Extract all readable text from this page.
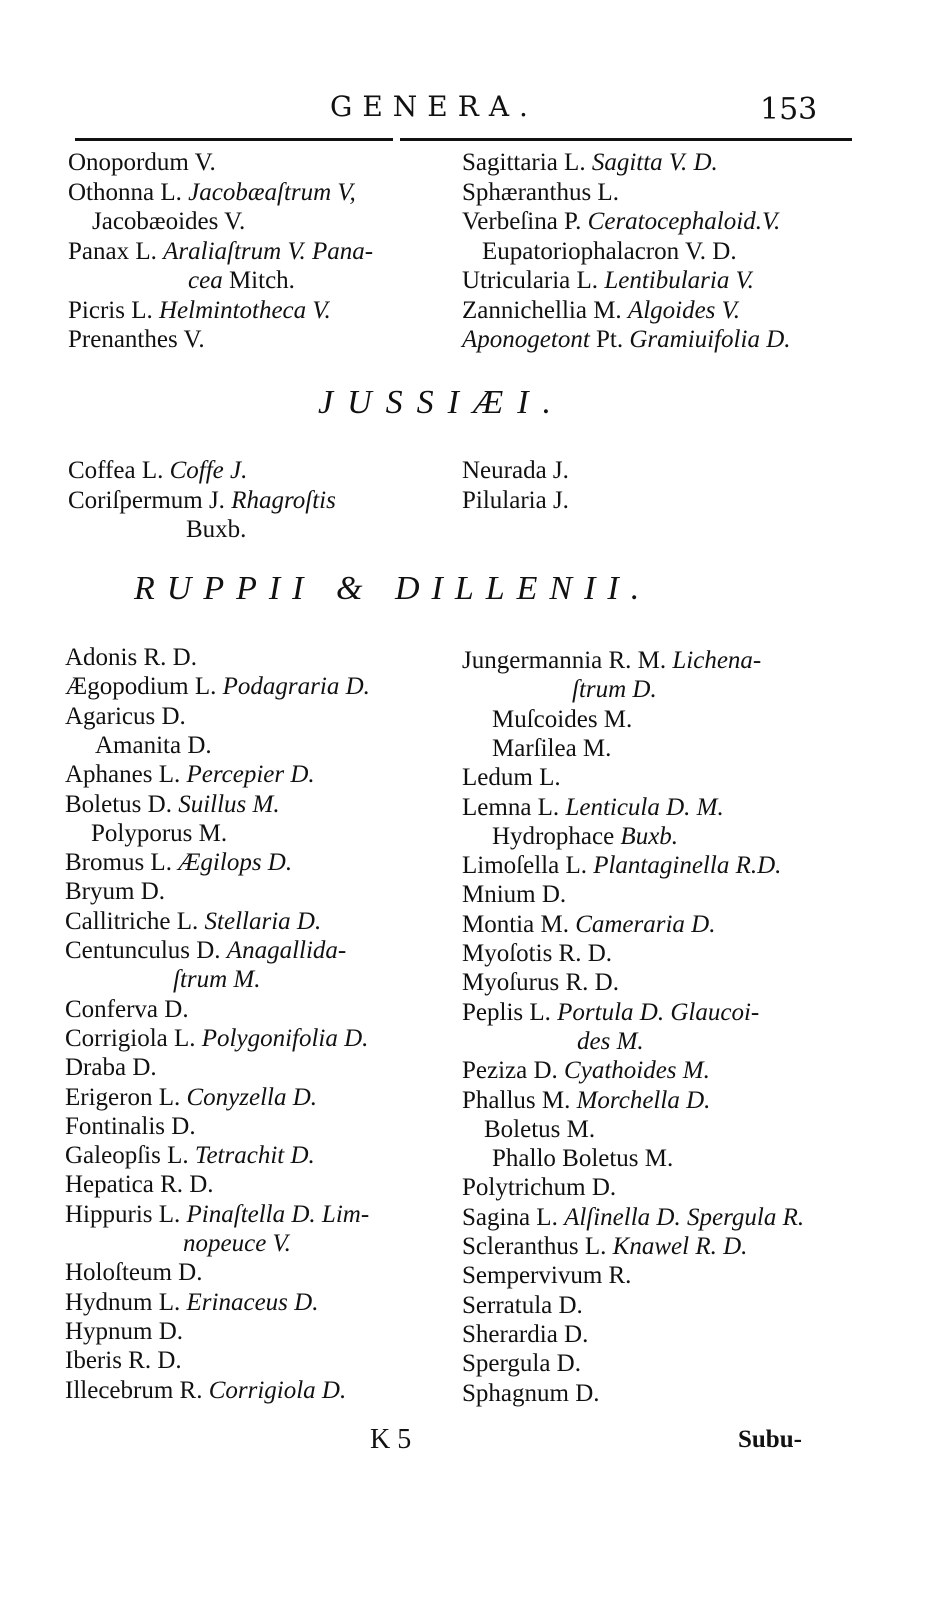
GENERA.	153
Onopordum V.
Othonna L. Jacobæaſtrum V,
Jacobæoides V.
Panax L. Araliaſtrum V. Pana-
cea Mitch.
Picris L. Helmintotheca V.
Prenanthes V.
Sagittaria L. Sagitta V. D.
Sphæranthus L.
Verbeſina P. Ceratocephaloid.V.
Eupatoriophalacron V. D.
Utricularia L. Lentibularia V.
Zannichellia M. Algoides V.
Aponogetont Pt. Gramiuifolia D.
JUSSIÆI.
Coffea L. Coffe J.
Coriſpermum J. Rhagroſtis
Buxb.
Neurada J.
Pilularia J.
RUPPII & DILLENII.
Adonis R. D.
Ægopodium L. Podagraria D.
Agaricus D.
Amanita D.
Aphanes L. Percepier D.
Boletus D. Suillus M.
Polyporus M.
Bromus L. Ægilops D.
Bryum D.
Callitriche L. Stellaria D.
Centunculus D. Anagallida-
ſtrum M.
Conferva D.
Corrigiola L. Polygonifolia D.
Draba D.
Erigeron L. Conyzella D.
Fontinalis D.
Galeopſis L. Tetrachit D.
Hepatica R. D.
Hippuris L. Pinaſtella D. Lim-
nopeuce V.
Holoſteum D.
Hydnum L. Erinaceus D.
Hypnum D.
Iberis R. D.
Illecebrum R. Corrigiola D.
Jungermannia R. M. Lichena-
ſtrum D.
Muſcoides M.
Marſilea M.
Ledum L.
Lemna L. Lenticula D. M.
Hydrophace Buxb.
Limoſella L. Plantaginella R.D.
Mnium D.
Montia M. Cameraria D.
Myoſotis R. D.
Myoſurus R. D.
Peplis L. Portula D. Glaucoi-
des M.
Peziza D. Cyathoides M.
Phallus M. Morchella D.
Boletus M.
Phallo Boletus M.
Polytrichum D.
Sagina L. Alſinella D. Spergula R.
Scleranthus L. Knawel R. D.
Sempervivum R.
Serratula D.
Sherardia D.
Spergula D.
Sphagnum D.
K 5	Subu-
